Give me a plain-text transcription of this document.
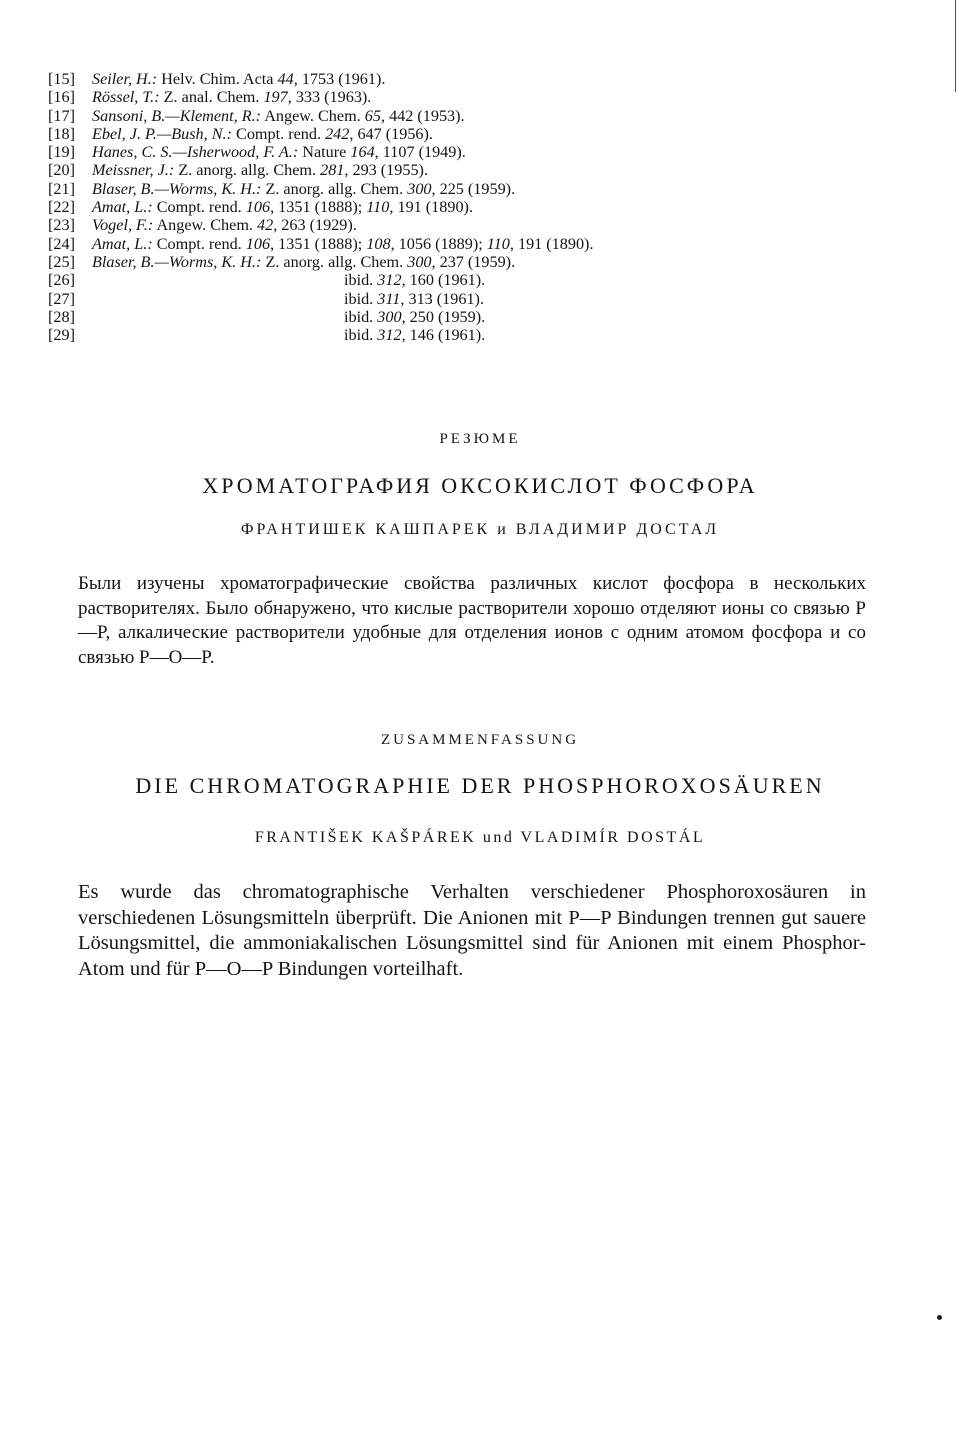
[15] Seiler, H.: Helv. Chim. Acta 44, 1753 (1961).
[16] Rössel, T.: Z. anal. Chem. 197, 333 (1963).
[17] Sansoni, B.—Klement, R.: Angew. Chem. 65, 442 (1953).
[18] Ebel, J. P.—Bush, N.: Compt. rend. 242, 647 (1956).
[19] Hanes, C. S.—Isherwood, F. A.: Nature 164, 1107 (1949).
[20] Meissner, J.: Z. anorg. allg. Chem. 281, 293 (1955).
[21] Blaser, B.—Worms, K. H.: Z. anorg. allg. Chem. 300, 225 (1959).
[22] Amat, L.: Compt. rend. 106, 1351 (1888); 110, 191 (1890).
[23] Vogel, F.: Angew. Chem. 42, 263 (1929).
[24] Amat, L.: Compt. rend. 106, 1351 (1888); 108, 1056 (1889); 110, 191 (1890).
[25] Blaser, B.—Worms, K. H.: Z. anorg. allg. Chem. 300, 237 (1959).
[26]	ibid. 312, 160 (1961).
[27]	ibid. 311, 313 (1961).
[28]	ibid. 300, 250 (1959).
[29]	ibid. 312, 146 (1961).
РЕЗЮМЕ
ХРОМАТОГРАФИЯ ОКСОКИСЛОТ ФОСФОРА
ФРАНТИШЕК КАШПАРЕК и ВЛАДИМИР ДОСТАЛ
Были изучены хроматографические свойства различных кислот фосфора в нескольких растворителях. Было обнаружено, что кислые растворители хорошо отделяют ионы со связью P—P, алкалические растворители удобные для отделения ионов с одним атомом фосфора и со связью P—O—P.
ZUSAMMENFASSUNG
DIE CHROMATOGRAPHIE DER PHOSPHOROXOSÄUREN
FRANTIŠEK KAŠPÁREK und VLADIMÍR DOSTÁL
Es wurde das chromatographische Verhalten verschiedener Phosphoroxosäuren in verschiedenen Lösungsmitteln überprüft. Die Anionen mit P—P Bindungen trennen gut sauere Lösungsmittel, die ammoniakalischen Lösungsmittel sind für Anionen mit einem Phosphor-Atom und für P—O—P Bindungen vorteilhaft.
